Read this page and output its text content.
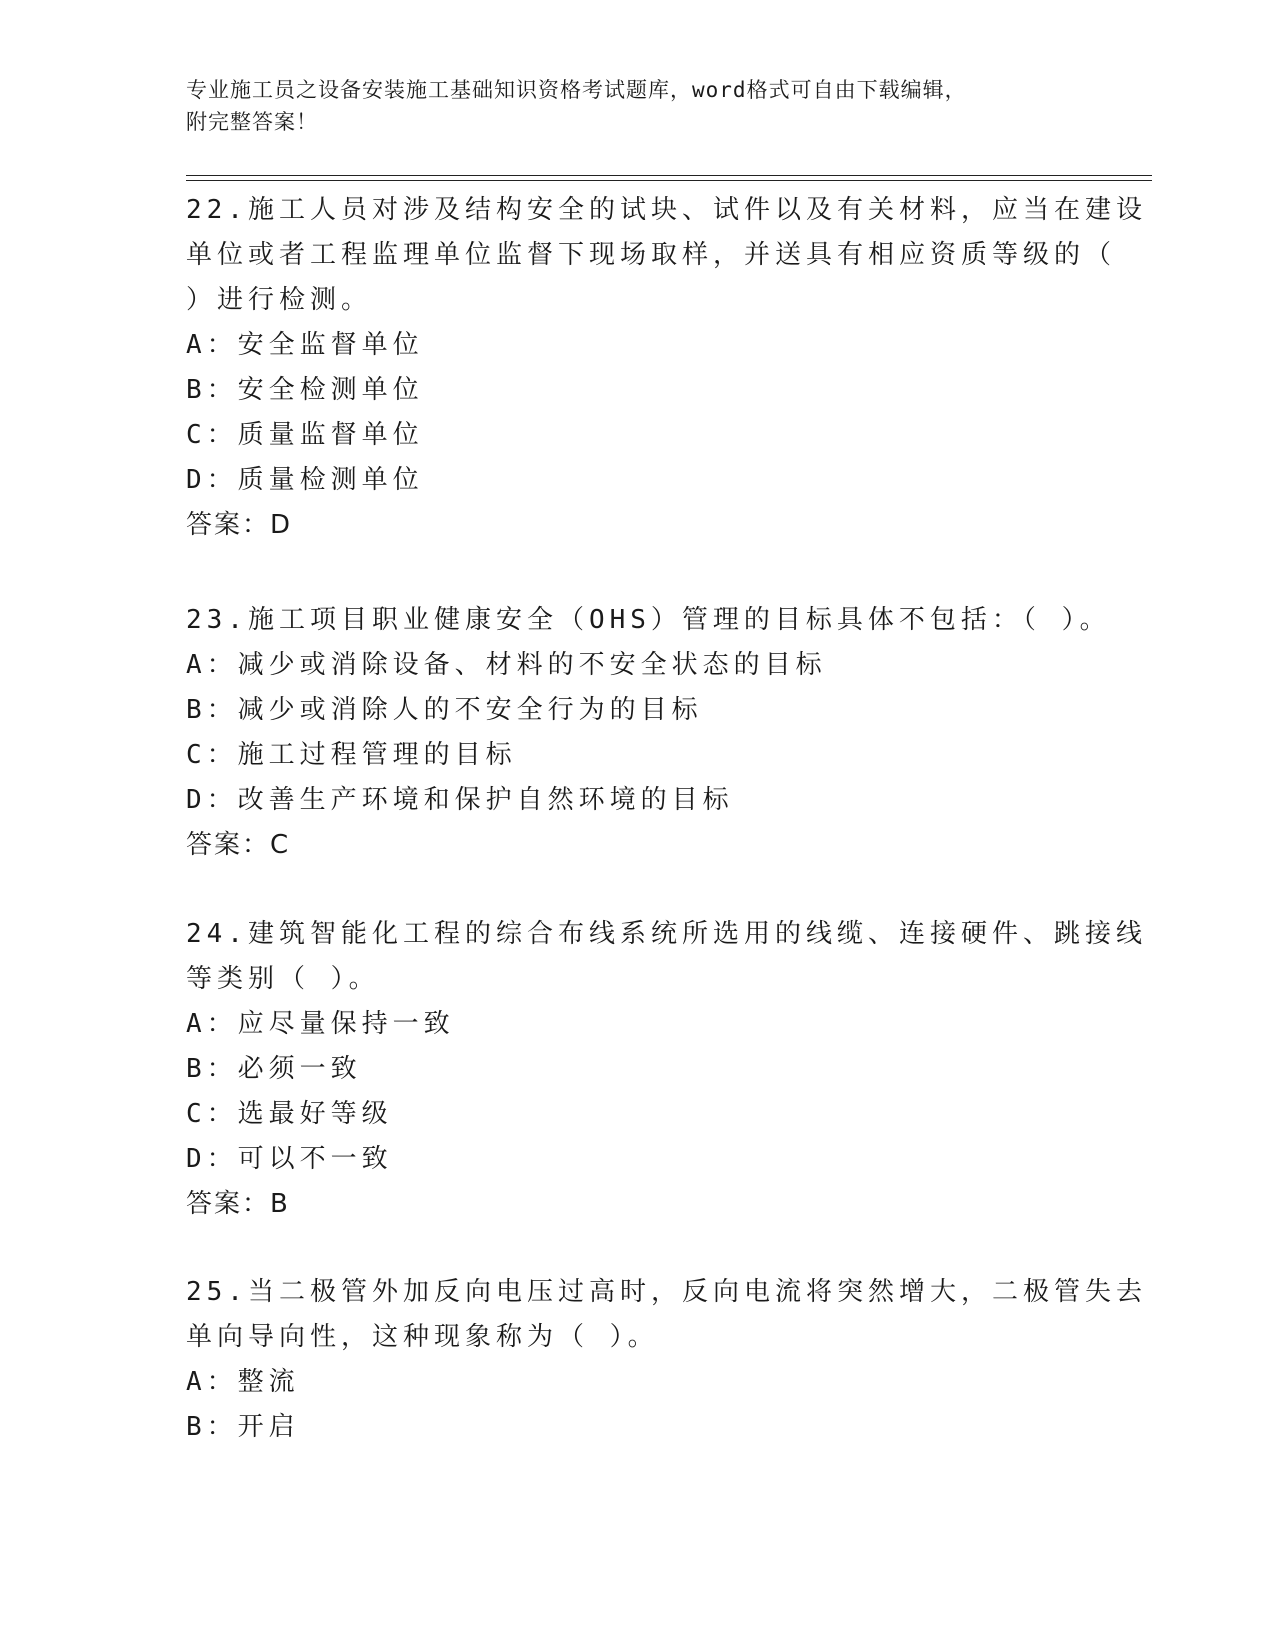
专业施工员之设备安装施工基础知识资格考试题库，word格式可自由下载编辑，
附完整答案！
22.施工人员对涉及结构安全的试块、试件以及有关材料，应当在建设
单位或者工程监理单位监督下现场取样，并送具有相应资质等级的（
）进行检测。
A：安全监督单位
B：安全检测单位
C：质量监督单位
D：质量检测单位
答案：D
23.施工项目职业健康安全（OHS）管理的目标具体不包括：（ ）。
A：减少或消除设备、材料的不安全状态的目标
B：减少或消除人的不安全行为的目标
C：施工过程管理的目标
D：改善生产环境和保护自然环境的目标
答案：C
24.建筑智能化工程的综合布线系统所选用的线缆、连接硬件、跳接线
等类别（ ）。
A：应尽量保持一致
B：必须一致
C：选最好等级
D：可以不一致
答案：B
25.当二极管外加反向电压过高时，反向电流将突然增大，二极管失去
单向导向性，这种现象称为（ ）。
A：整流
B：开启
